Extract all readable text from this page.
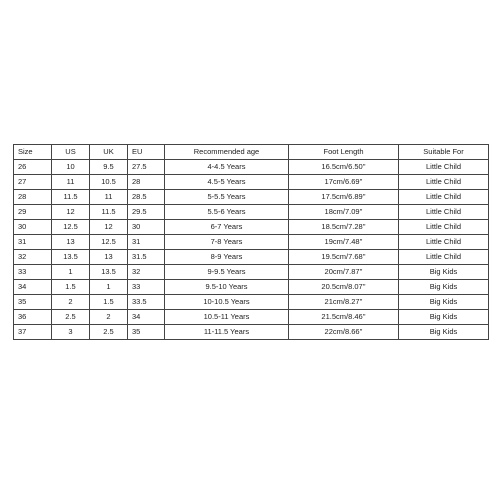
Size	US	UK	EU	Recommended age	Foot Length	Suitable For
26	10	9.5	27.5	4-4.5 Years	16.5cm/6.50''	Little Child
27	11	10.5	28	4.5-5 Years	17cm/6.69''	Little Child
28	11.5	11	28.5	5-5.5 Years	17.5cm/6.89''	Little Child
29	12	11.5	29.5	5.5-6 Years	18cm/7.09''	Little Child
30	12.5	12	30	6-7 Years	18.5cm/7.28''	Little Child
31	13	12.5	31	7-8 Years	19cm/7.48''	Little Child
32	13.5	13	31.5	8-9 Years	19.5cm/7.68''	Little Child
33	1	13.5	32	9-9.5 Years	20cm/7.87''	Big Kids
34	1.5	1	33	9.5-10 Years	20.5cm/8.07''	Big Kids
35	2	1.5	33.5	10-10.5 Years	21cm/8.27''	Big Kids
36	2.5	2	34	10.5-11 Years	21.5cm/8.46''	Big Kids
37	3	2.5	35	11-11.5 Years	22cm/8.66''	Big Kids
